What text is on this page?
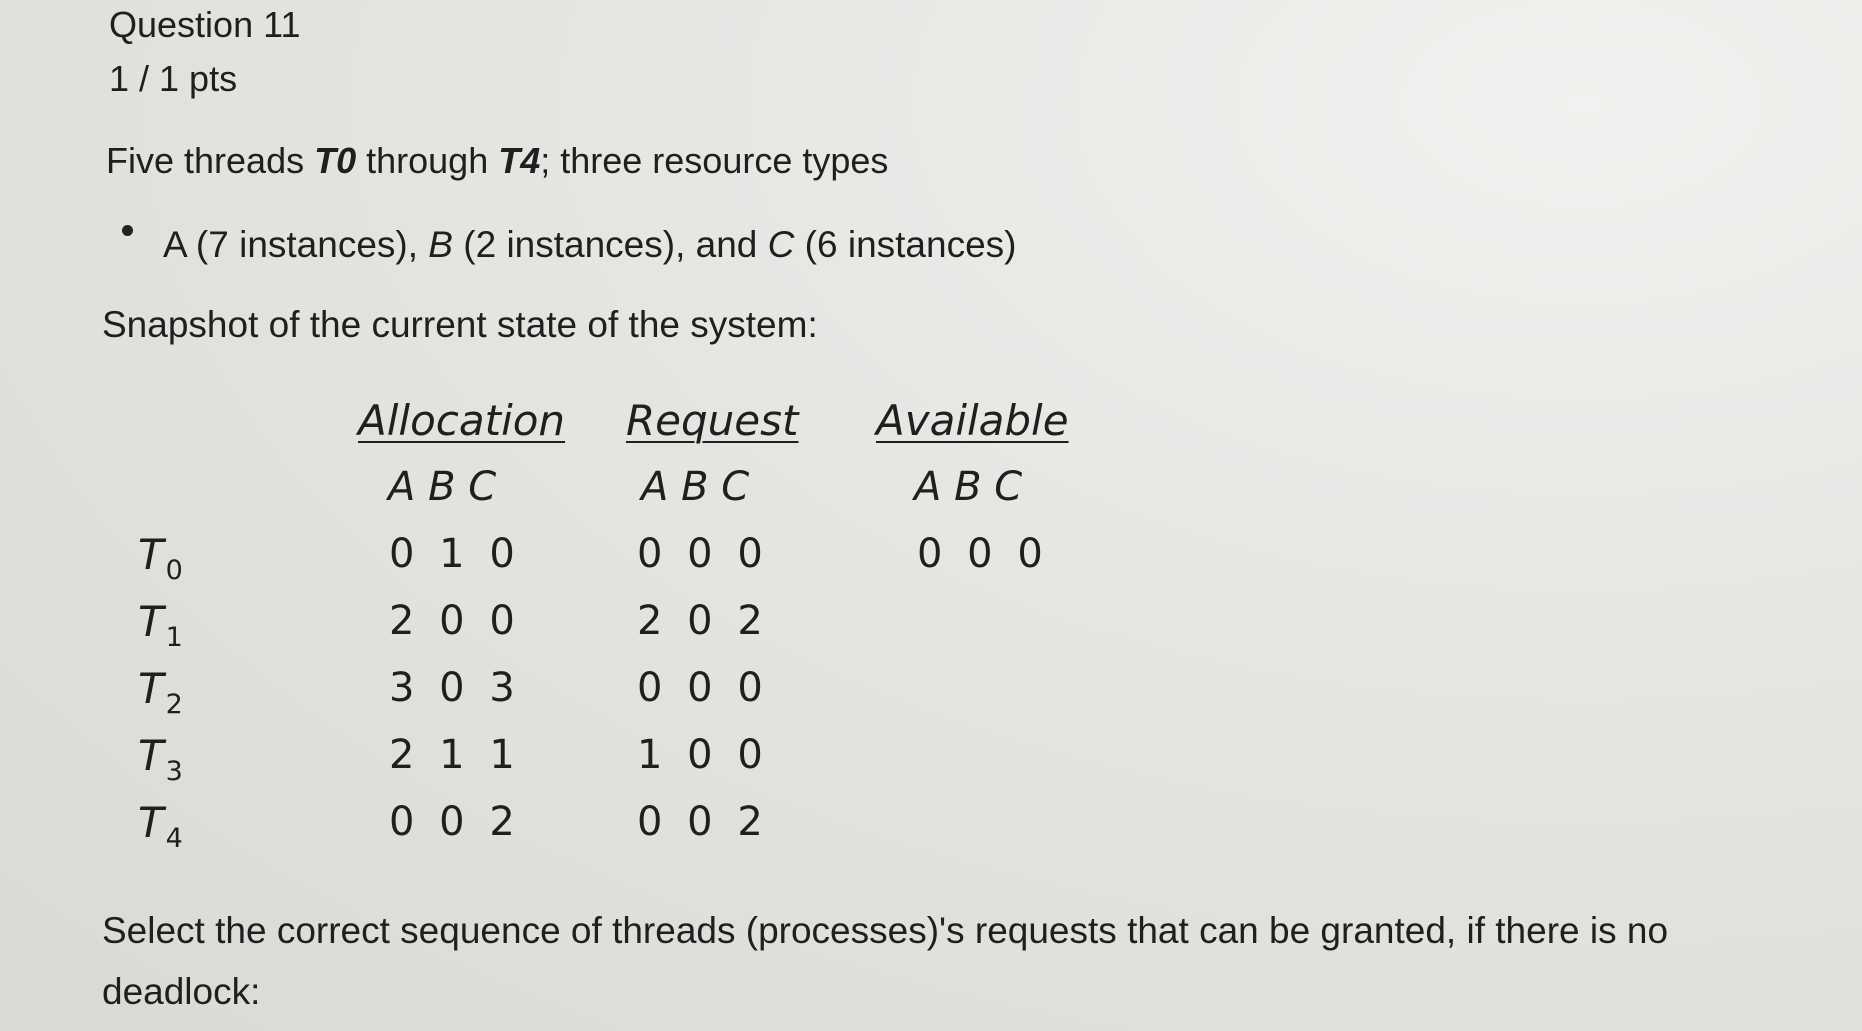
Question 11
1 / 1 pts
Five threads T0 through T4; three resource types
A (7 instances), B (2 instances), and C (6 instances)
Snapshot of the current state of the system:
Allocation Request Available
A B C	A B C	A B C
$T_0$	0 1 0	0 0 0	0 0 0
$T_1$	2 0 0	2 0 2
$T_2$	3 0 3	0 0 0
$T_3$	2 1 1	1 0 0
$T_4$	0 0 2	0 0 2
Select the correct sequence of threads (processes)'s requests that can be granted, if there is no deadlock:
